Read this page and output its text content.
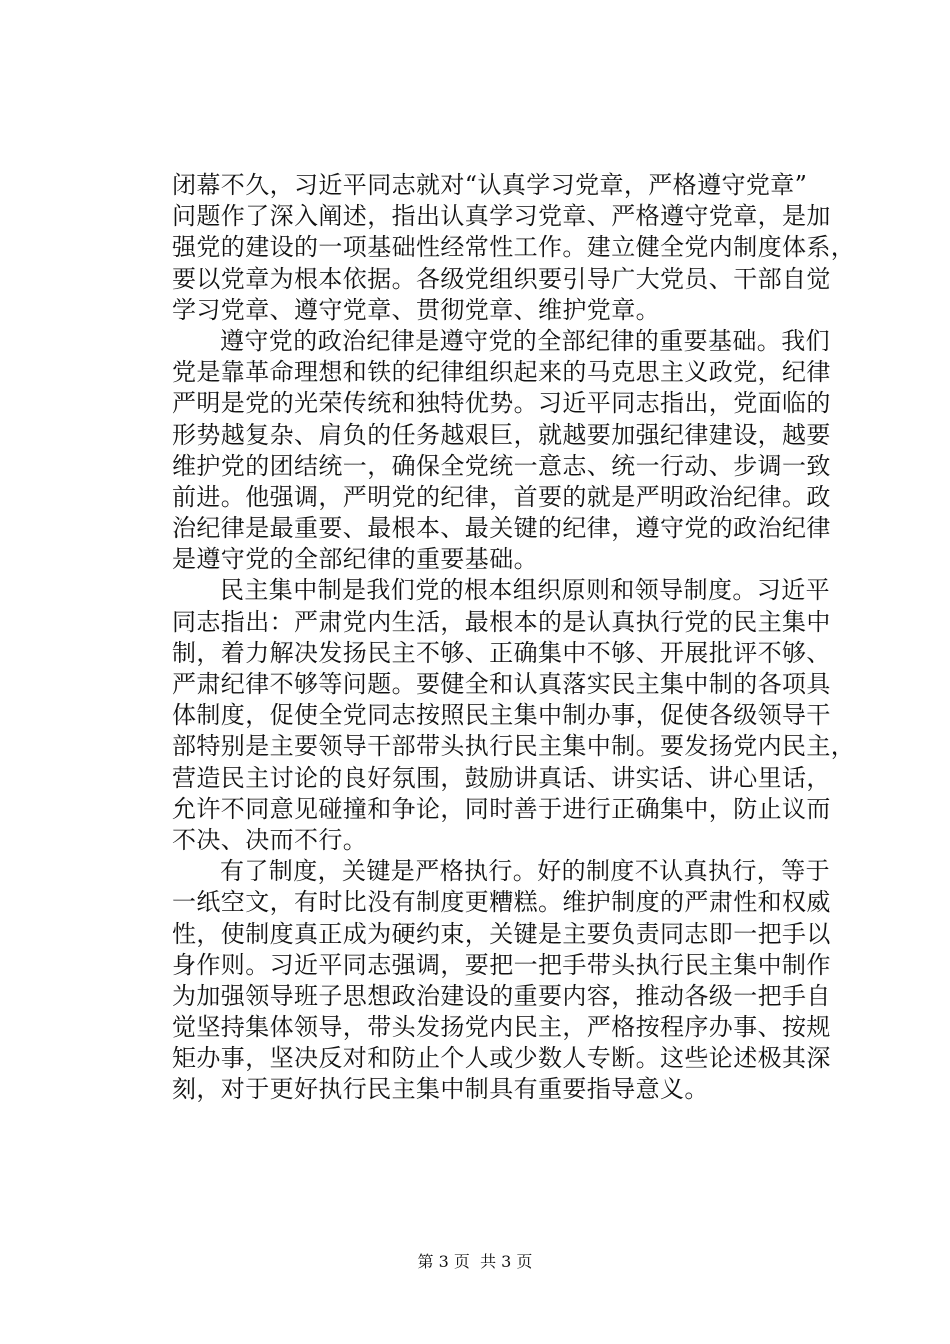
闭幕不久，习近平同志就对“认真学习党章，严格遵守党章”
问题作了深入阐述，指出认真学习党章、严格遵守党章，是加
强党的建设的一项基础性经常性工作。建立健全党内制度体系，
要以党章为根本依据。各级党组织要引导广大党员、干部自觉
学习党章、遵守党章、贯彻党章、维护党章。
遵守党的政治纪律是遵守党的全部纪律的重要基础。我们
党是靠革命理想和铁的纪律组织起来的马克思主义政党，纪律
严明是党的光荣传统和独特优势。习近平同志指出，党面临的
形势越复杂、肩负的任务越艰巨，就越要加强纪律建设，越要
维护党的团结统一，确保全党统一意志、统一行动、步调一致
前进。他强调，严明党的纪律，首要的就是严明政治纪律。政
治纪律是最重要、最根本、最关键的纪律，遵守党的政治纪律
是遵守党的全部纪律的重要基础。
民主集中制是我们党的根本组织原则和领导制度。习近平
同志指出：严肃党内生活，最根本的是认真执行党的民主集中
制，着力解决发扬民主不够、正确集中不够、开展批评不够、
严肃纪律不够等问题。要健全和认真落实民主集中制的各项具
体制度，促使全党同志按照民主集中制办事，促使各级领导干
部特别是主要领导干部带头执行民主集中制。要发扬党内民主，
营造民主讨论的良好氛围，鼓励讲真话、讲实话、讲心里话，
允许不同意见碰撞和争论，同时善于进行正确集中，防止议而
不决、决而不行。
有了制度，关键是严格执行。好的制度不认真执行，等于
一纸空文，有时比没有制度更糟糕。维护制度的严肃性和权威
性，使制度真正成为硬约束，关键是主要负责同志即一把手以
身作则。习近平同志强调，要把一把手带头执行民主集中制作
为加强领导班子思想政治建设的重要内容，推动各级一把手自
觉坚持集体领导，带头发扬党内民主，严格按程序办事、按规
矩办事，坚决反对和防止个人或少数人专断。这些论述极其深
刻，对于更好执行民主集中制具有重要指导意义。
第 3 页  共 3 页
